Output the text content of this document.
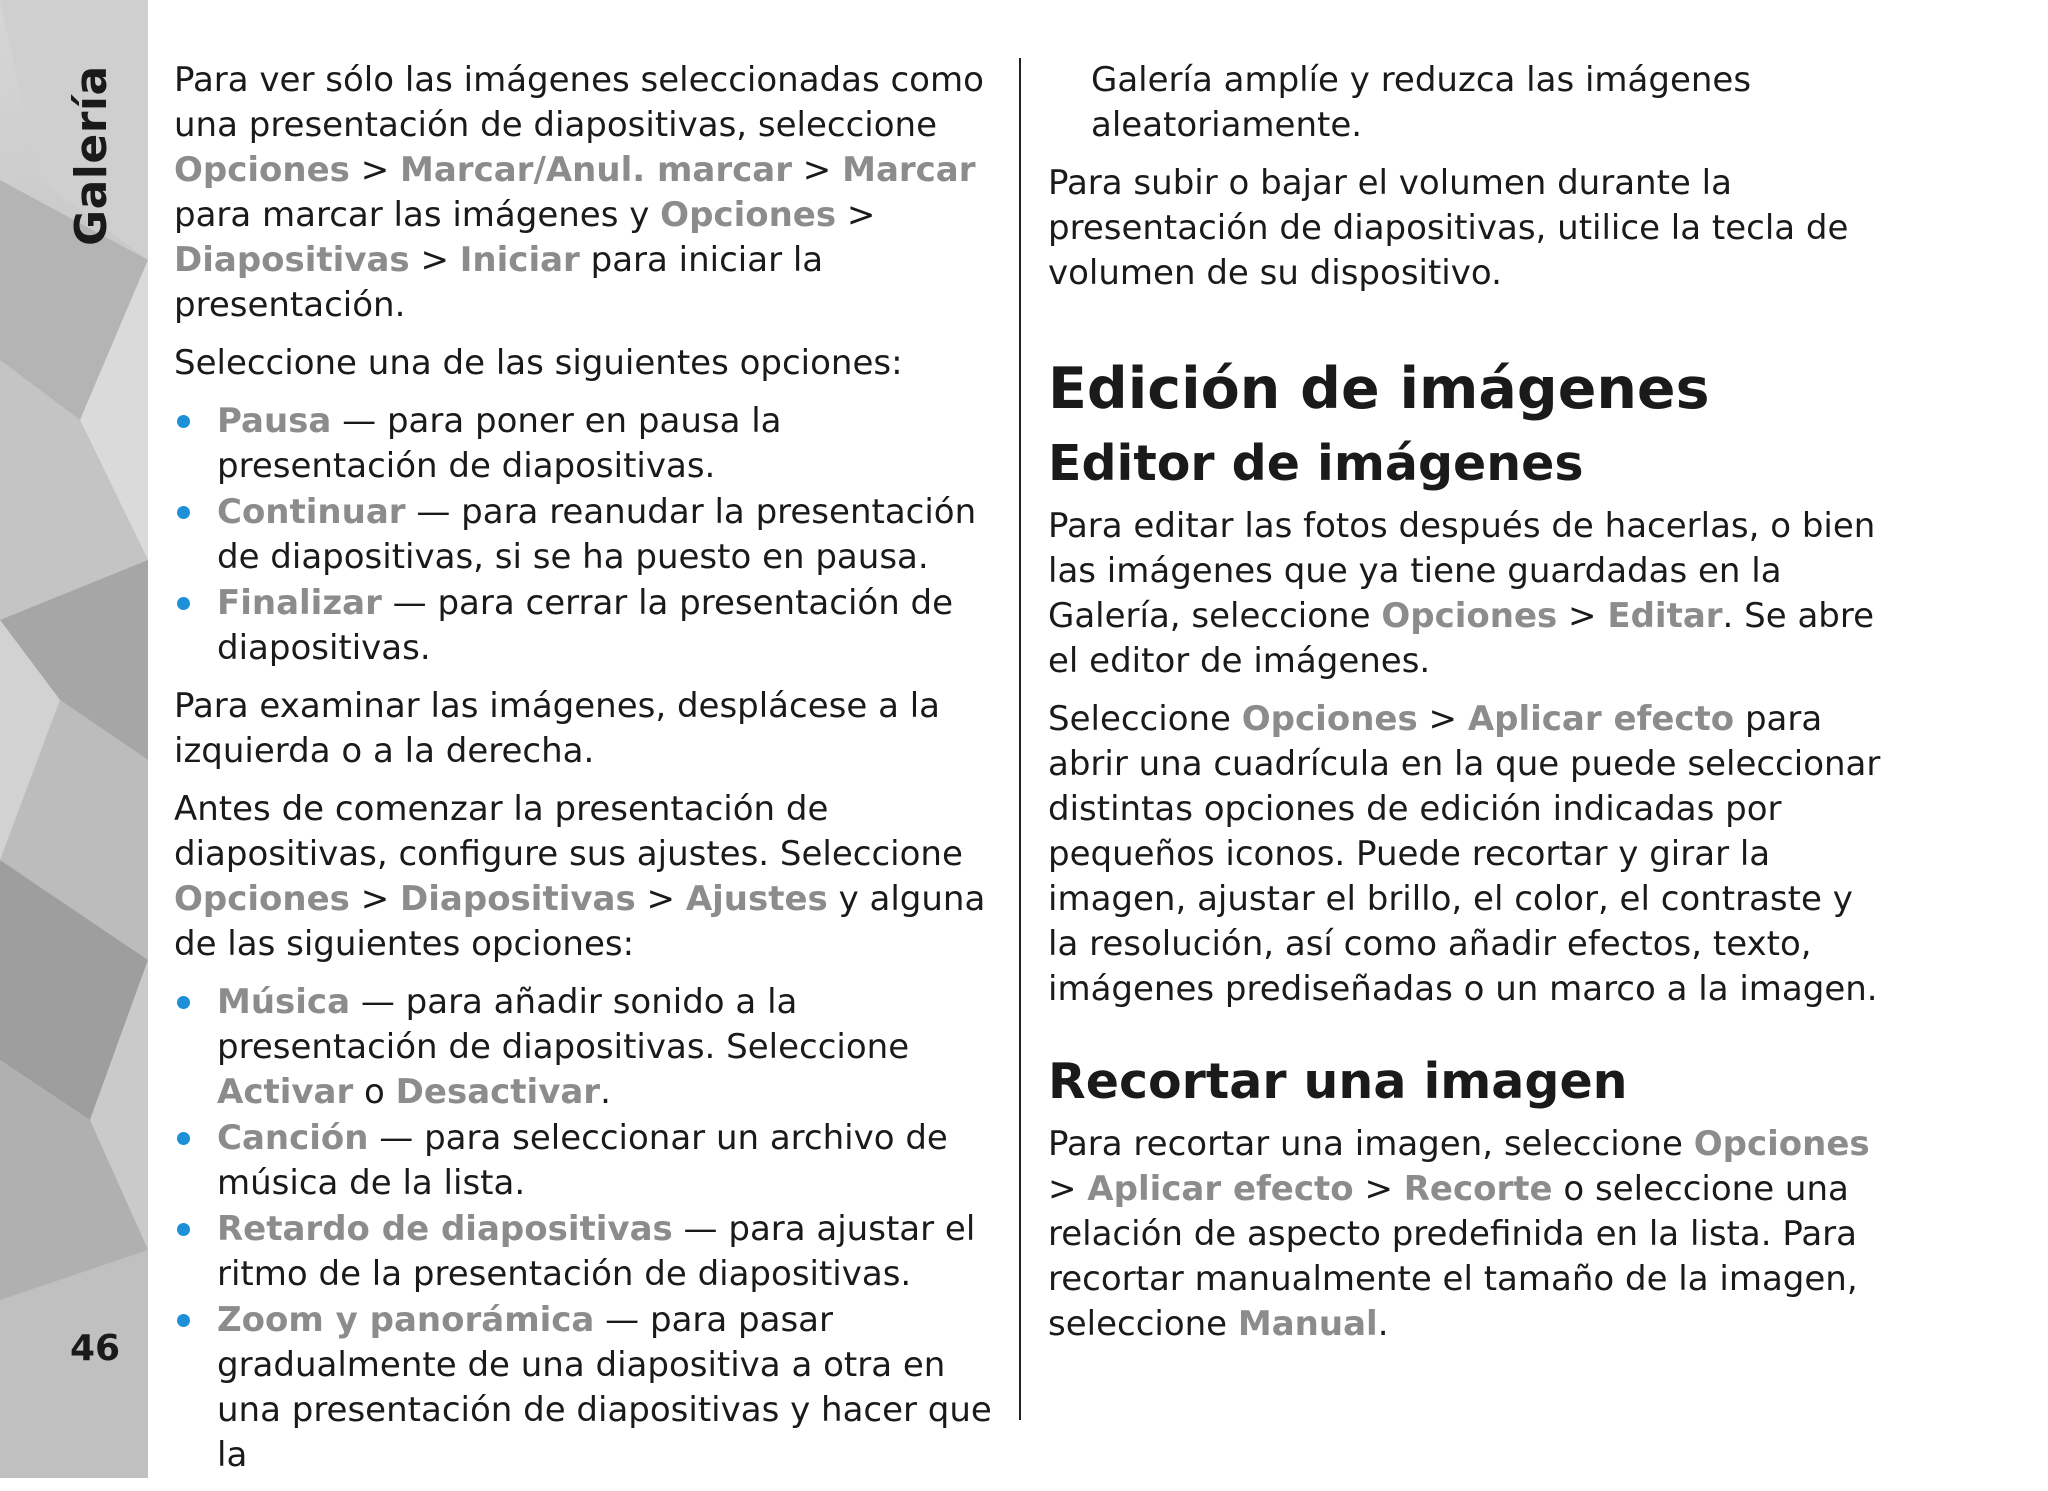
Galería
46

Para ver sólo las imágenes seleccionadas como una presentación de diapositivas, seleccione Opciones > Marcar/Anul. marcar > Marcar para marcar las imágenes y Opciones > Diapositivas > Iniciar para iniciar la presentación.

Seleccione una de las siguientes opciones:

Pausa — para poner en pausa la presentación de diapositivas.
Continuar — para reanudar la presentación de diapositivas, si se ha puesto en pausa.
Finalizar — para cerrar la presentación de diapositivas.

Para examinar las imágenes, desplácese a la izquierda o a la derecha.

Antes de comenzar la presentación de diapositivas, configure sus ajustes. Seleccione Opciones > Diapositivas > Ajustes y alguna de las siguientes opciones:

Música — para añadir sonido a la presentación de diapositivas. Seleccione Activar o Desactivar.
Canción — para seleccionar un archivo de música de la lista.
Retardo de diapositivas — para ajustar el ritmo de la presentación de diapositivas.
Zoom y panorámica — para pasar gradualmente de una diapositiva a otra en una presentación de diapositivas y hacer que la

Galería amplíe y reduzca las imágenes aleatoriamente.

Para subir o bajar el volumen durante la presentación de diapositivas, utilice la tecla de volumen de su dispositivo.

Edición de imágenes
Editor de imágenes

Para editar las fotos después de hacerlas, o bien las imágenes que ya tiene guardadas en la Galería, seleccione Opciones > Editar. Se abre el editor de imágenes.

Seleccione Opciones > Aplicar efecto para abrir una cuadrícula en la que puede seleccionar distintas opciones de edición indicadas por pequeños iconos. Puede recortar y girar la imagen, ajustar el brillo, el color, el contraste y la resolución, así como añadir efectos, texto, imágenes prediseñadas o un marco a la imagen.

Recortar una imagen

Para recortar una imagen, seleccione Opciones > Aplicar efecto > Recorte o seleccione una relación de aspecto predefinida en la lista. Para recortar manualmente el tamaño de la imagen, seleccione Manual.
